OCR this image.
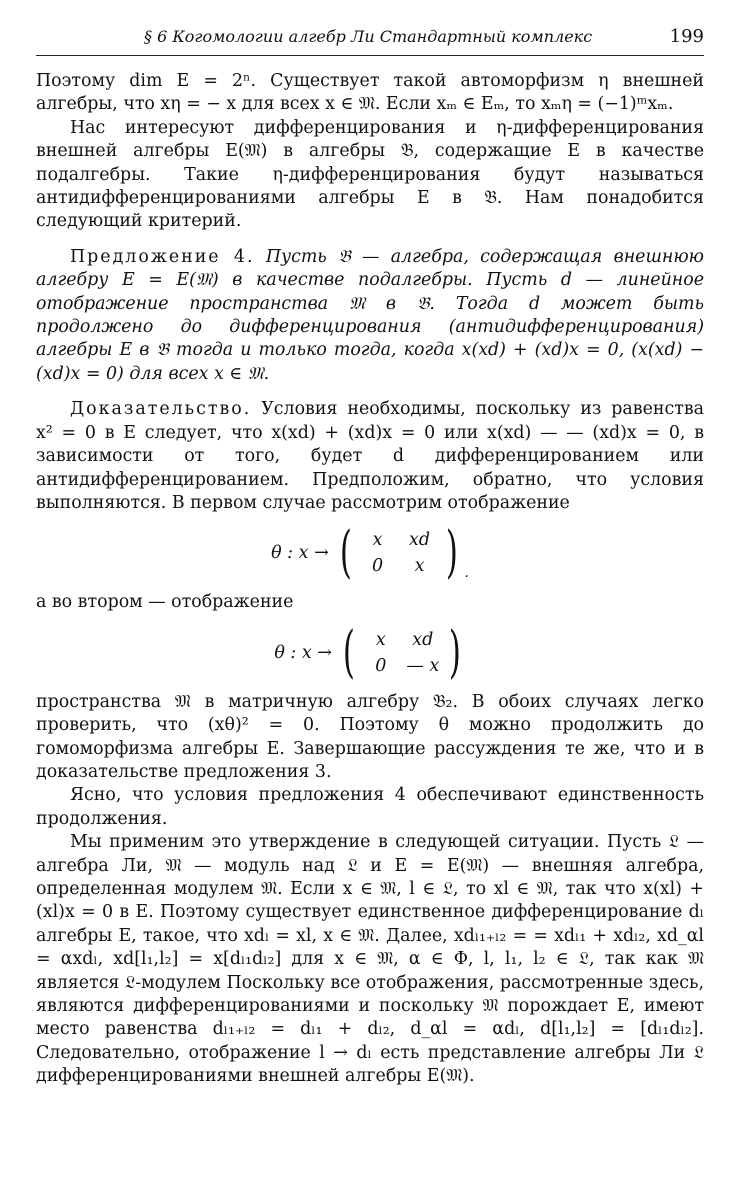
§ 6 Когомологии алгебр Ли Стандартный комплекс	199

Поэтому dim E = 2ⁿ. Существует такой автоморфизм η внешней алгебры, что xη = − x для всех x ∈ 𝔐. Если xₘ ∈ Eₘ, то xₘη = (−1)ᵐxₘ.

Нас интересуют дифференцирования и η-дифференцирования внешней алгебры E(𝔐) в алгебры 𝔅, содержащие E в качестве подалгебры. Такие η-дифференцирования будут называться антидифференцированиями алгебры E в 𝔅. Нам понадобится следующий критерий.

Предложение 4. Пусть 𝔅 — алгебра, содержащая внешнюю алгебру E = E(𝔐) в качестве подалгебры. Пусть d — линейное отображение пространства 𝔐 в 𝔅. Тогда d может быть продолжено до дифференцирования (антидифференцирования) алгебры E в 𝔅 тогда и только тогда, когда x(xd) + (xd)x = 0, (x(xd) − (xd)x = 0) для всех x ∈ 𝔐.

Доказательство. Условия необходимы, поскольку из равенства x² = 0 в E следует, что x(xd) + (xd)x = 0 или x(xd) — — (xd)x = 0, в зависимости от того, будет d дифференцированием или антидифференцированием. Предположим, обратно, что условия выполняются. В первом случае рассмотрим отображение

θ : x → ( x xd
0 x ) .

а во втором — отображение

θ : x → ( x xd
0 — x )

пространства 𝔐 в матричную алгебру 𝔅₂. В обоих случаях легко проверить, что (xθ)² = 0. Поэтому θ можно продолжить до гомоморфизма алгебры E. Завершающие рассуждения те же, что и в доказательстве предложения 3.

Ясно, что условия предложения 4 обеспечивают единственность продолжения.

Мы применим это утверждение в следующей ситуации. Пусть 𝔏 — алгебра Ли, 𝔐 — модуль над 𝔏 и E = E(𝔐) — внешняя алгебра, определенная модулем 𝔐. Если x ∈ 𝔐, l ∈ 𝔏, то xl ∈ 𝔐, так что x(xl) + (xl)x = 0 в E. Поэтому существует единственное дифференцирование dₗ алгебры E, такое, что xdₗ = xl, x ∈ 𝔐. Далее, xdₗ₁₊ₗ₂ = = xdₗ₁ + xdₗ₂, xd_αl = αxdₗ, xd[l₁,l₂] = x[dₗ₁dₗ₂] для x ∈ 𝔐, α ∈ Φ, l, l₁, l₂ ∈ 𝔏, так как 𝔐 является 𝔏-модулем Поскольку все отображения, рассмотренные здесь, являются дифференцированиями и поскольку 𝔐 порождает E, имеют место равенства dₗ₁₊ₗ₂ = dₗ₁ + dₗ₂, d_αl = αdₗ, d[l₁,l₂] = [dₗ₁dₗ₂]. Следовательно, отображение l → dₗ есть представление алгебры Ли 𝔏 дифференцированиями внешней алгебры E(𝔐).
